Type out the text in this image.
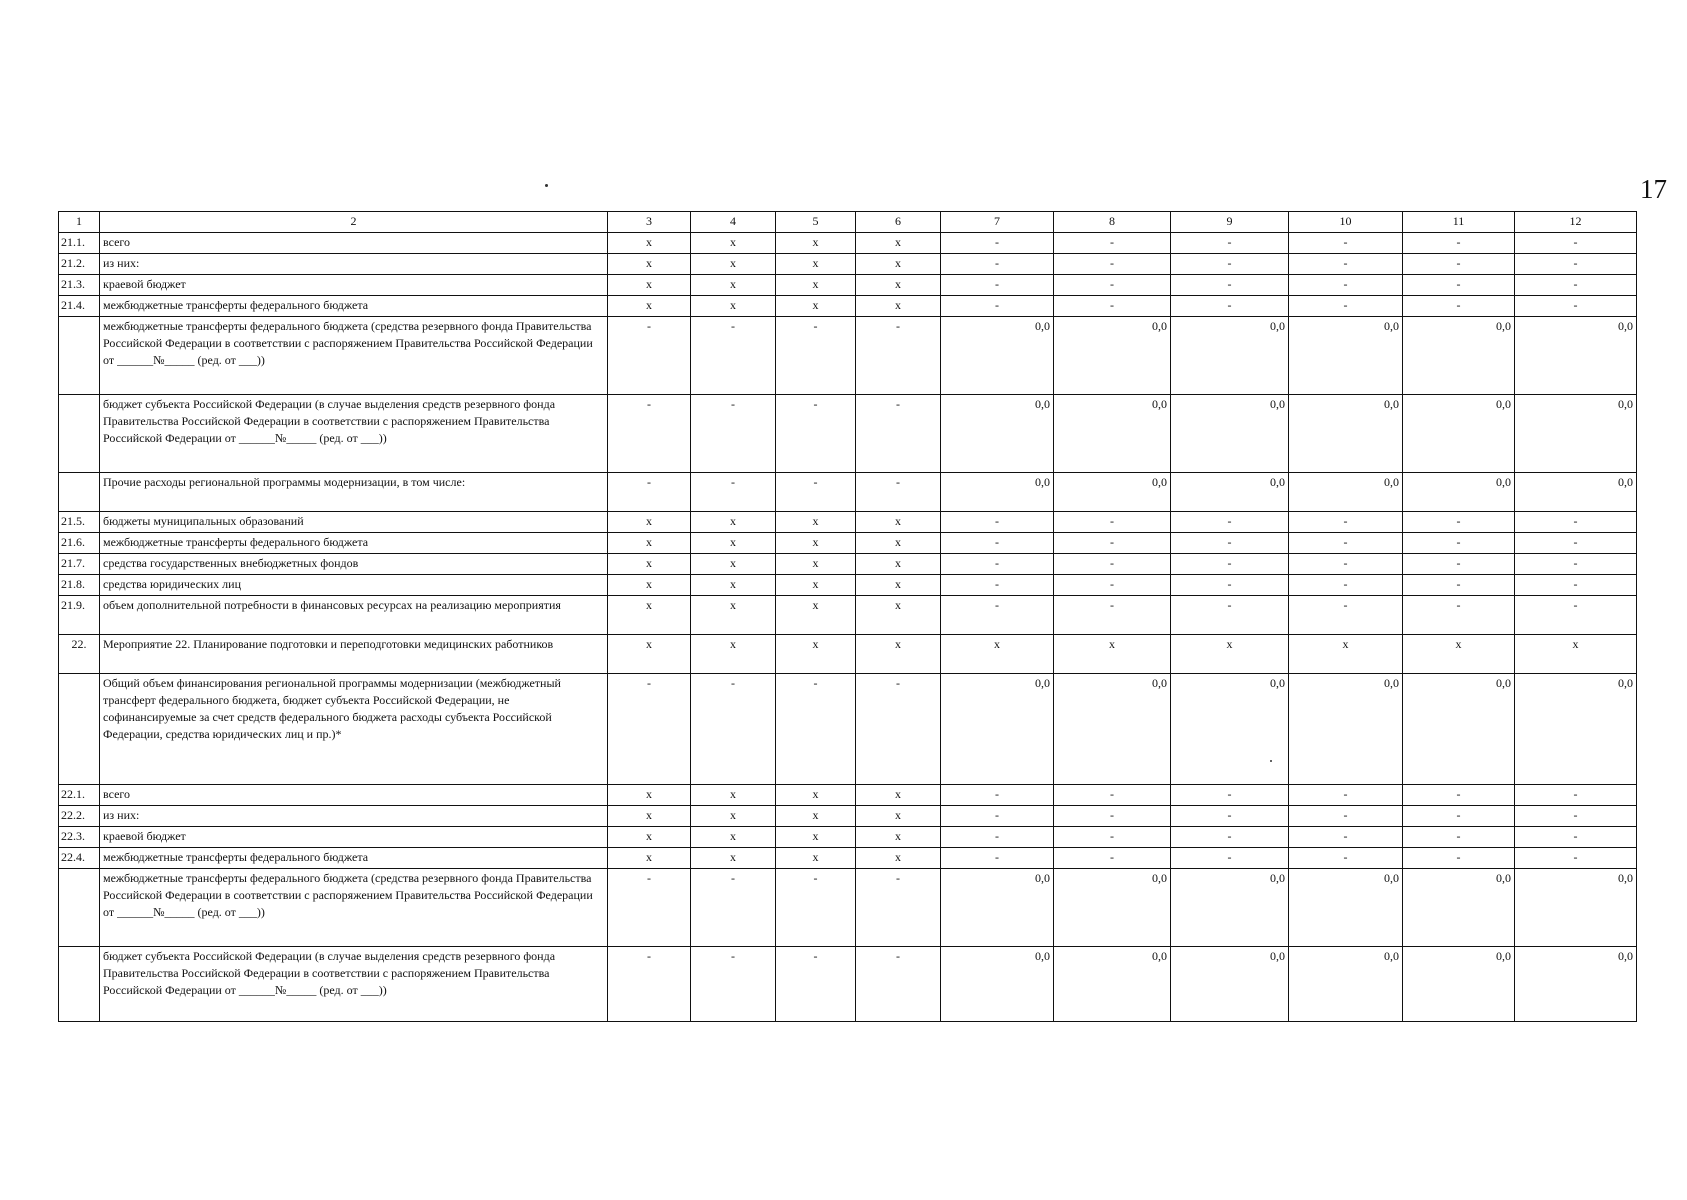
17
1	2	3	4	5	6	7	8	9	10	11	12
21.1.	всего	x	x	x	x	-	-	-	-	-	-
21.2.	из них:	x	x	x	x	-	-	-	-	-	-
21.3.	краевой бюджет	x	x	x	x	-	-	-	-	-	-
21.4.	межбюджетные трансферты федерального бюджета	x	x	x	x	-	-	-	-	-	-
	межбюджетные трансферты федерального бюджета (средства резервного фонда Правительства Российской Федерации в соответствии с распоряжением Правительства Российской Федерации от ______№_____ (ред. от ___))	-	-	-	-	0,0	0,0	0,0	0,0	0,0	0,0
	бюджет субъекта Российской Федерации (в случае выделения средств резервного фонда Правительства Российской Федерации в соответствии с распоряжением Правительства Российской Федерации от ______№_____ (ред. от ___))	-	-	-	-	0,0	0,0	0,0	0,0	0,0	0,0
	Прочие расходы региональной программы модернизации, в том числе:	-	-	-	-	0,0	0,0	0,0	0,0	0,0	0,0
21.5.	бюджеты муниципальных образований	x	x	x	x	-	-	-	-	-	-
21.6.	межбюджетные трансферты федерального бюджета	x	x	x	x	-	-	-	-	-	-
21.7.	средства государственных внебюджетных фондов	x	x	x	x	-	-	-	-	-	-
21.8.	средства юридических лиц	x	x	x	x	-	-	-	-	-	-
21.9.	объем дополнительной потребности в финансовых ресурсах на реализацию мероприятия	x	x	x	x	-	-	-	-	-	-
22.	Мероприятие 22. Планирование подготовки и переподготовки медицинских работников	x	x	x	x	x	x	x	x	x	x
	Общий объем финансирования региональной программы модернизации (межбюджетный трансферт федерального бюджета, бюджет субъекта Российской Федерации, не софинансируемые за счет средств федерального бюджета расходы субъекта Российской Федерации, средства юридических лиц и пр.)*	-	-	-	-	0,0	0,0	0,0	0,0	0,0	0,0
22.1.	всего	x	x	x	x	-	-	-	-	-	-
22.2.	из них:	x	x	x	x	-	-	-	-	-	-
22.3.	краевой бюджет	x	x	x	x	-	-	-	-	-	-
22.4.	межбюджетные трансферты федерального бюджета	x	x	x	x	-	-	-	-	-	-
	межбюджетные трансферты федерального бюджета (средства резервного фонда Правительства Российской Федерации в соответствии с распоряжением Правительства Российской Федерации от ______№_____ (ред. от ___))	-	-	-	-	0,0	0,0	0,0	0,0	0,0	0,0
	бюджет субъекта Российской Федерации (в случае выделения средств резервного фонда Правительства Российской Федерации в соответствии с распоряжением Правительства Российской Федерации от ______№_____ (ред. от ___))	-	-	-	-	0,0	0,0	0,0	0,0	0,0	0,0
